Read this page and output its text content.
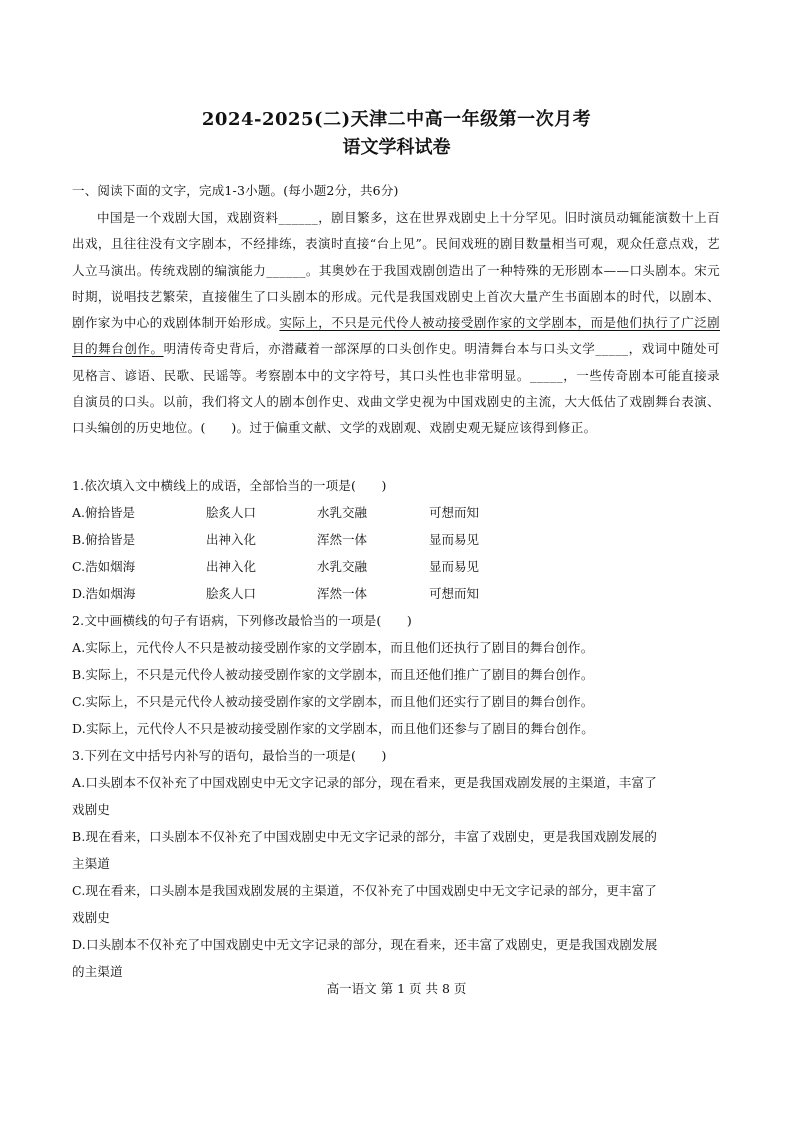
2024-2025(二)天津二中高一年级第一次月考
语文学科试卷
一、阅读下面的文字，完成1-3小题。(每小题2分，共6分)
中国是一个戏剧大国，戏剧资料______，剧目繁多，这在世界戏剧史上十分罕见。旧时演员动辄能演数十上百出戏，且往往没有文字剧本，不经排练，表演时直接“台上见”。民间戏班的剧目数量相当可观，观众任意点戏，艺人立马演出。传统戏剧的编演能力______。其奥妙在于我国戏剧创造出了一种特殊的无形剧本——口头剧本。宋元时期，说唱技艺繁荣，直接催生了口头剧本的形成。元代是我国戏剧史上首次大量产生书面剧本的时代，以剧本、剧作家为中心的戏剧体制开始形成。实际上，不只是元代伶人被动接受剧作家的文学剧本，而是他们执行了广泛剧目的舞台创作。明清传奇史背后，亦潜藏着一部深厚的口头创作史。明清舞台本与口头文学_____，戏词中随处可见格言、谚语、民歌、民谣等。考察剧本中的文字符号，其口头性也非常明显。_____，一些传奇剧本可能直接录自演员的口头。以前，我们将文人的剧本创作史、戏曲文学史视为中国戏剧史的主流，大大低估了戏剧舞台表演、口头编创的历史地位。(　　)。过于偏重文献、文学的戏剧观、戏剧史观无疑应该得到修正。
1.依次填入文中横线上的成语，全部恰当的一项是(　　)
A.俯拾皆是	脍炙人口	水乳交融	可想而知
B.俯拾皆是	出神入化	浑然一体	显而易见
C.浩如烟海	出神入化	水乳交融	显而易见
D.浩如烟海	脍炙人口	浑然一体	可想而知
2.文中画横线的句子有语病，下列修改最恰当的一项是(　　)
A.实际上，元代伶人不只是被动接受剧作家的文学剧本，而且他们还执行了剧目的舞台创作。
B.实际上，不只是元代伶人被动接受剧作家的文学剧本，而且还他们推广了剧目的舞台创作。
C.实际上，不只是元代伶人被动接受剧作家的文学剧本，而且他们还实行了剧目的舞台创作。
D.实际上，元代伶人不只是被动接受剧作家的文学剧本，而且他们还参与了剧目的舞台创作。
3.下列在文中括号内补写的语句，最恰当的一项是(　　)
A.口头剧本不仅补充了中国戏剧史中无文字记录的部分，现在看来，更是我国戏剧发展的主渠道，丰富了
戏剧史
B.现在看来，口头剧本不仅补充了中国戏剧史中无文字记录的部分，丰富了戏剧史，更是我国戏剧发展的
主渠道
C.现在看来，口头剧本是我国戏剧发展的主渠道，不仅补充了中国戏剧史中无文字记录的部分，更丰富了
戏剧史
D.口头剧本不仅补充了中国戏剧史中无文字记录的部分，现在看来，还丰富了戏剧史，更是我国戏剧发展
的主渠道
高一语文 第 1 页 共 8 页
